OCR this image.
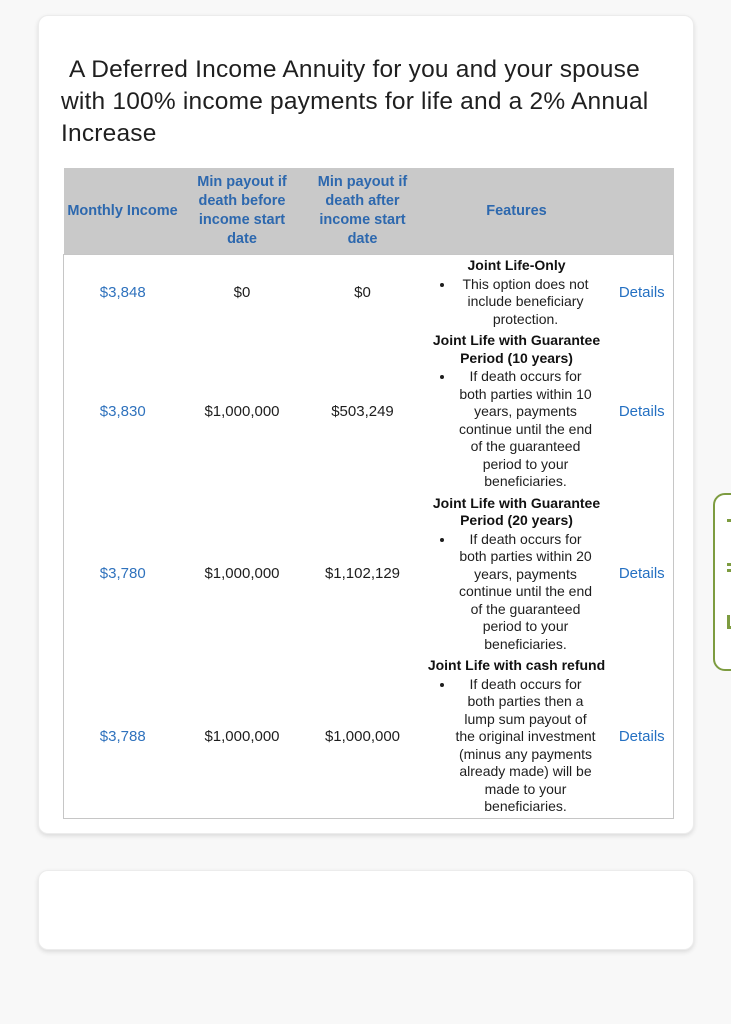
A Deferred Income Annuity for you and your spouse with 100% income payments for life and a 2% Annual Increase
Monthly Income	Min payout if death before income start date	Min payout if death after income start date	Features	
$3,848	$0	$0	
Joint Life-Only
• This option does not include beneficiary protection.
	Details
$3,830	$1,000,000	$503,249	
Joint Life with Guarantee Period (10 years)
• If death occurs for both parties within 10 years, payments continue until the end of the guaranteed period to your beneficiaries.
	Details
$3,780	$1,000,000	$1,102,129	
Joint Life with Guarantee Period (20 years)
• If death occurs for both parties within 20 years, payments continue until the end of the guaranteed period to your beneficiaries.
	Details
$3,788	$1,000,000	$1,000,000	
Joint Life with cash refund
• If death occurs for both parties then a lump sum payout of the original investment (minus any payments already made) will be made to your beneficiaries.
	Details
